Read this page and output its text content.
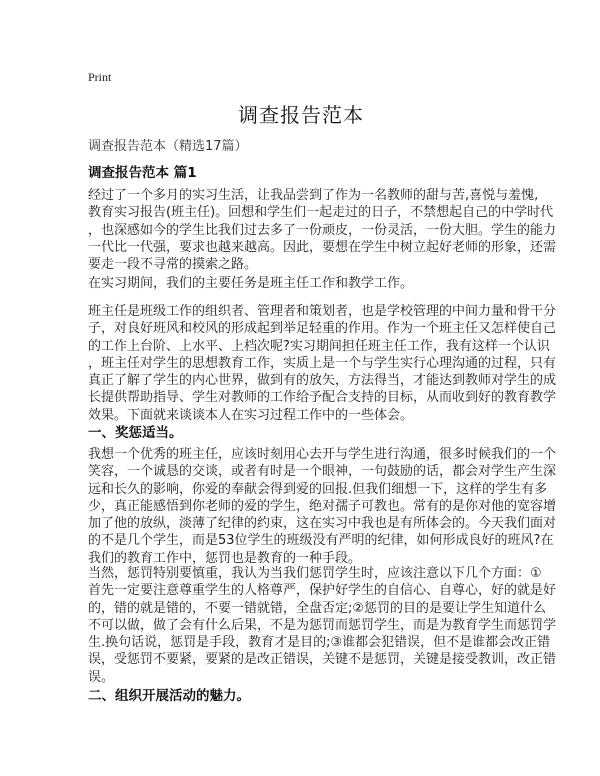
Print
调查报告范本
调查报告范本（精选17篇）
调查报告范本 篇1
经过了一个多月的实习生活，让我品尝到了作为一名教师的甜与苦,喜悦与羞愧,
教育实习报告(班主任)。回想和学生们一起走过的日子，不禁想起自己的中学时代
，也深感如今的学生比我们过去多了一份顽皮，一份灵活，一份大胆。学生的能力
一代比一代强，要求也越来越高。因此，要想在学生中树立起好老师的形象，还需
要走一段不寻常的摸索之路。
在实习期间，我们的主要任务是班主任工作和教学工作。
班主任是班级工作的组织者、管理者和策划者，也是学校管理的中间力量和骨干分
子，对良好班风和校风的形成起到举足轻重的作用。作为一个班主任又怎样使自己
的工作上台阶、上水平、上档次呢?实习期间担任班主任工作，我有这样一个认识
，班主任对学生的思想教育工作，实质上是一个与学生实行心理沟通的过程，只有
真正了解了学生的内心世界，做到有的放矢，方法得当，才能达到教师对学生的成
长提供帮助指导、学生对教师的工作给予配合支持的目标，从而收到好的教育教学
效果。下面就来谈谈本人在实习过程工作中的一些体会。
一、奖惩适当。
我想一个优秀的班主任，应该时刻用心去开与学生进行沟通，很多时候我们的一个
笑容，一个诚恳的交谈，或者有时是一个眼神，一句鼓励的话，都会对学生产生深
远和长久的影响，你爱的奉献会得到爱的回报.但我们细想一下，这样的学生有多
少，真正能感悟到你老师的爱的学生，绝对孺子可教也。常有的是你对他的宽容增
加了他的放纵，淡薄了纪律的约束，这在实习中我也是有所体会的。今天我们面对
的不是几个学生，而是53位学生的班级没有严明的纪律，如何形成良好的班风?在
我们的教育工作中，惩罚也是教育的一种手段。
当然，惩罚特别要慎重，我认为当我们惩罚学生时，应该注意以下几个方面：①
首先一定要注意尊重学生的人格尊严，保护好学生的自信心、自尊心，好的就是好
的，错的就是错的，不要一错就错，全盘否定;②惩罚的目的是要让学生知道什么
不可以做，做了会有什么后果，不是为惩罚而惩罚学生，而是为教育学生而惩罚学
生.换句话说，惩罚是手段，教育才是目的;③谁都会犯错误，但不是谁都会改正错
误，受惩罚不要紧，要紧的是改正错误，关键不是惩罚，关键是接受教训，改正错
误。
二、组织开展活动的魅力。
